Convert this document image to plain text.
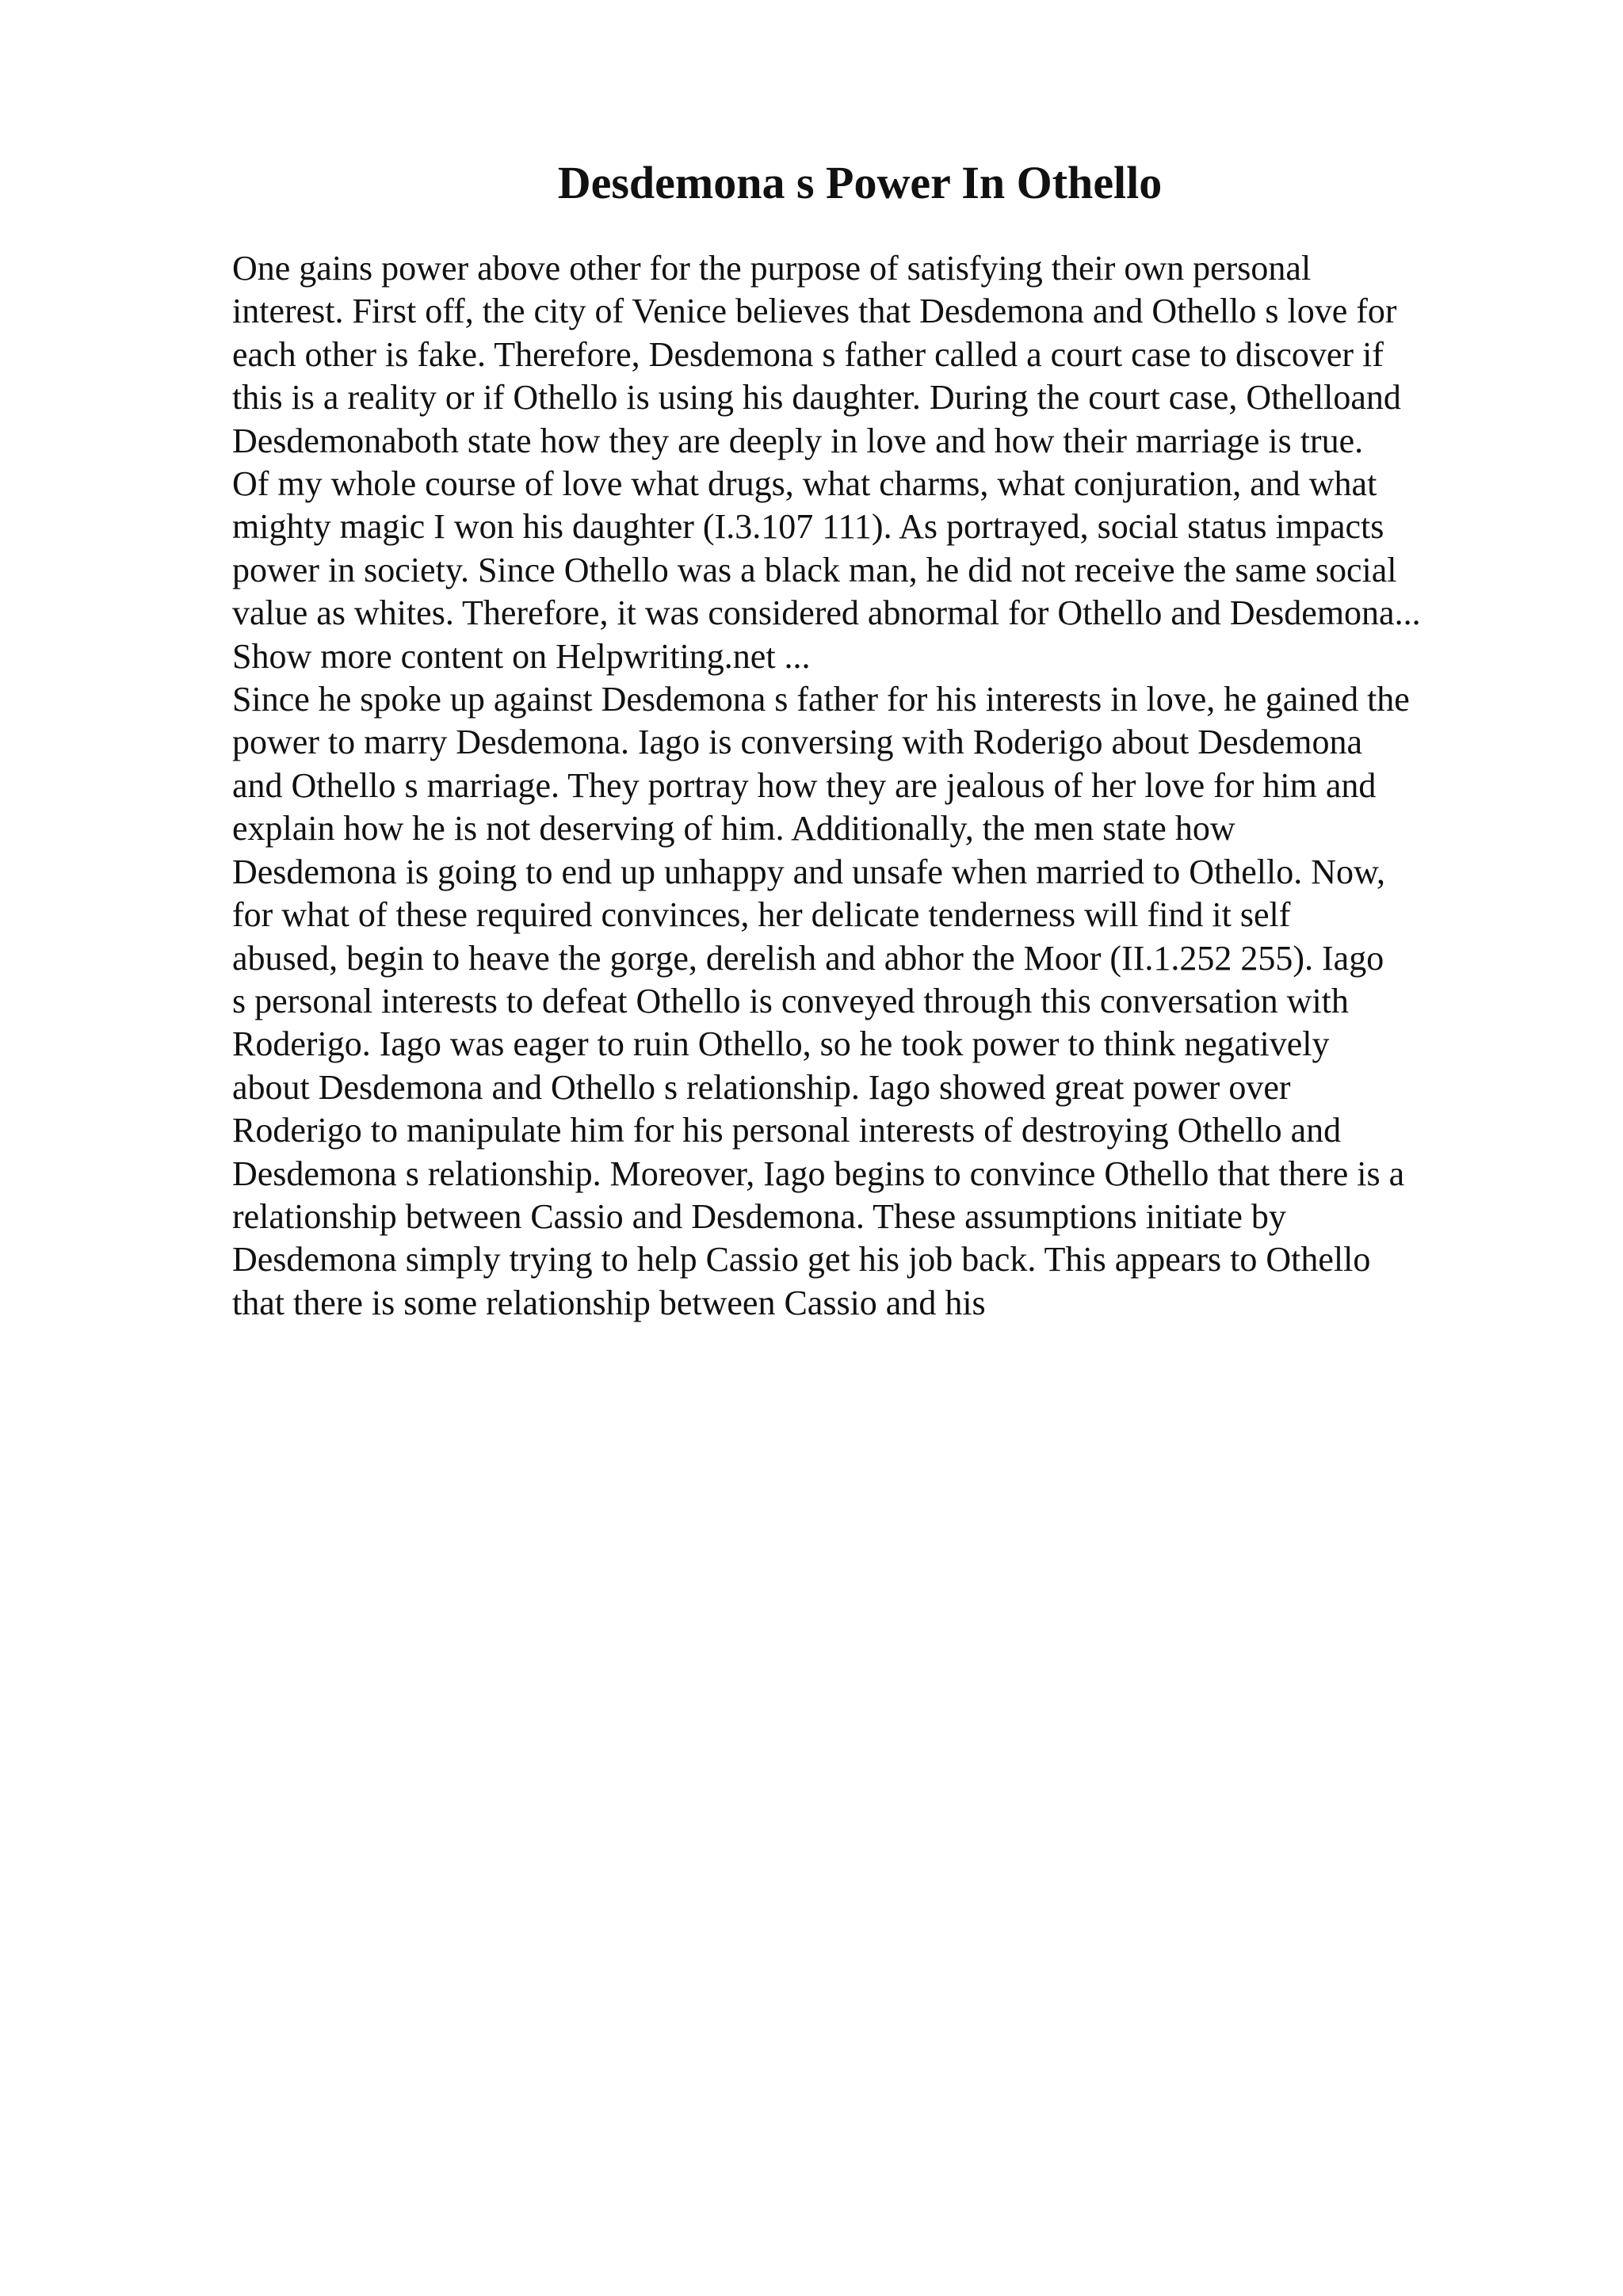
Desdemona s Power In Othello
One gains power above other for the purpose of satisfying their own personal
interest. First off, the city of Venice believes that Desdemona and Othello s love for
each other is fake. Therefore, Desdemona s father called a court case to discover if
this is a reality or if Othello is using his daughter. During the court case, Othelloand
Desdemonaboth state how they are deeply in love and how their marriage is true.
Of my whole course of love what drugs, what charms, what conjuration, and what
mighty magic I won his daughter (I.3.107 111). As portrayed, social status impacts
power in society. Since Othello was a black man, he did not receive the same social
value as whites. Therefore, it was considered abnormal for Othello and Desdemona...
Show more content on Helpwriting.net ...
Since he spoke up against Desdemona s father for his interests in love, he gained the
power to marry Desdemona. Iago is conversing with Roderigo about Desdemona
and Othello s marriage. They portray how they are jealous of her love for him and
explain how he is not deserving of him. Additionally, the men state how
Desdemona is going to end up unhappy and unsafe when married to Othello. Now,
for what of these required convinces, her delicate tenderness will find it self
abused, begin to heave the gorge, derelish and abhor the Moor (II.1.252 255). Iago
s personal interests to defeat Othello is conveyed through this conversation with
Roderigo. Iago was eager to ruin Othello, so he took power to think negatively
about Desdemona and Othello s relationship. Iago showed great power over
Roderigo to manipulate him for his personal interests of destroying Othello and
Desdemona s relationship. Moreover, Iago begins to convince Othello that there is a
relationship between Cassio and Desdemona. These assumptions initiate by
Desdemona simply trying to help Cassio get his job back. This appears to Othello
that there is some relationship between Cassio and his
